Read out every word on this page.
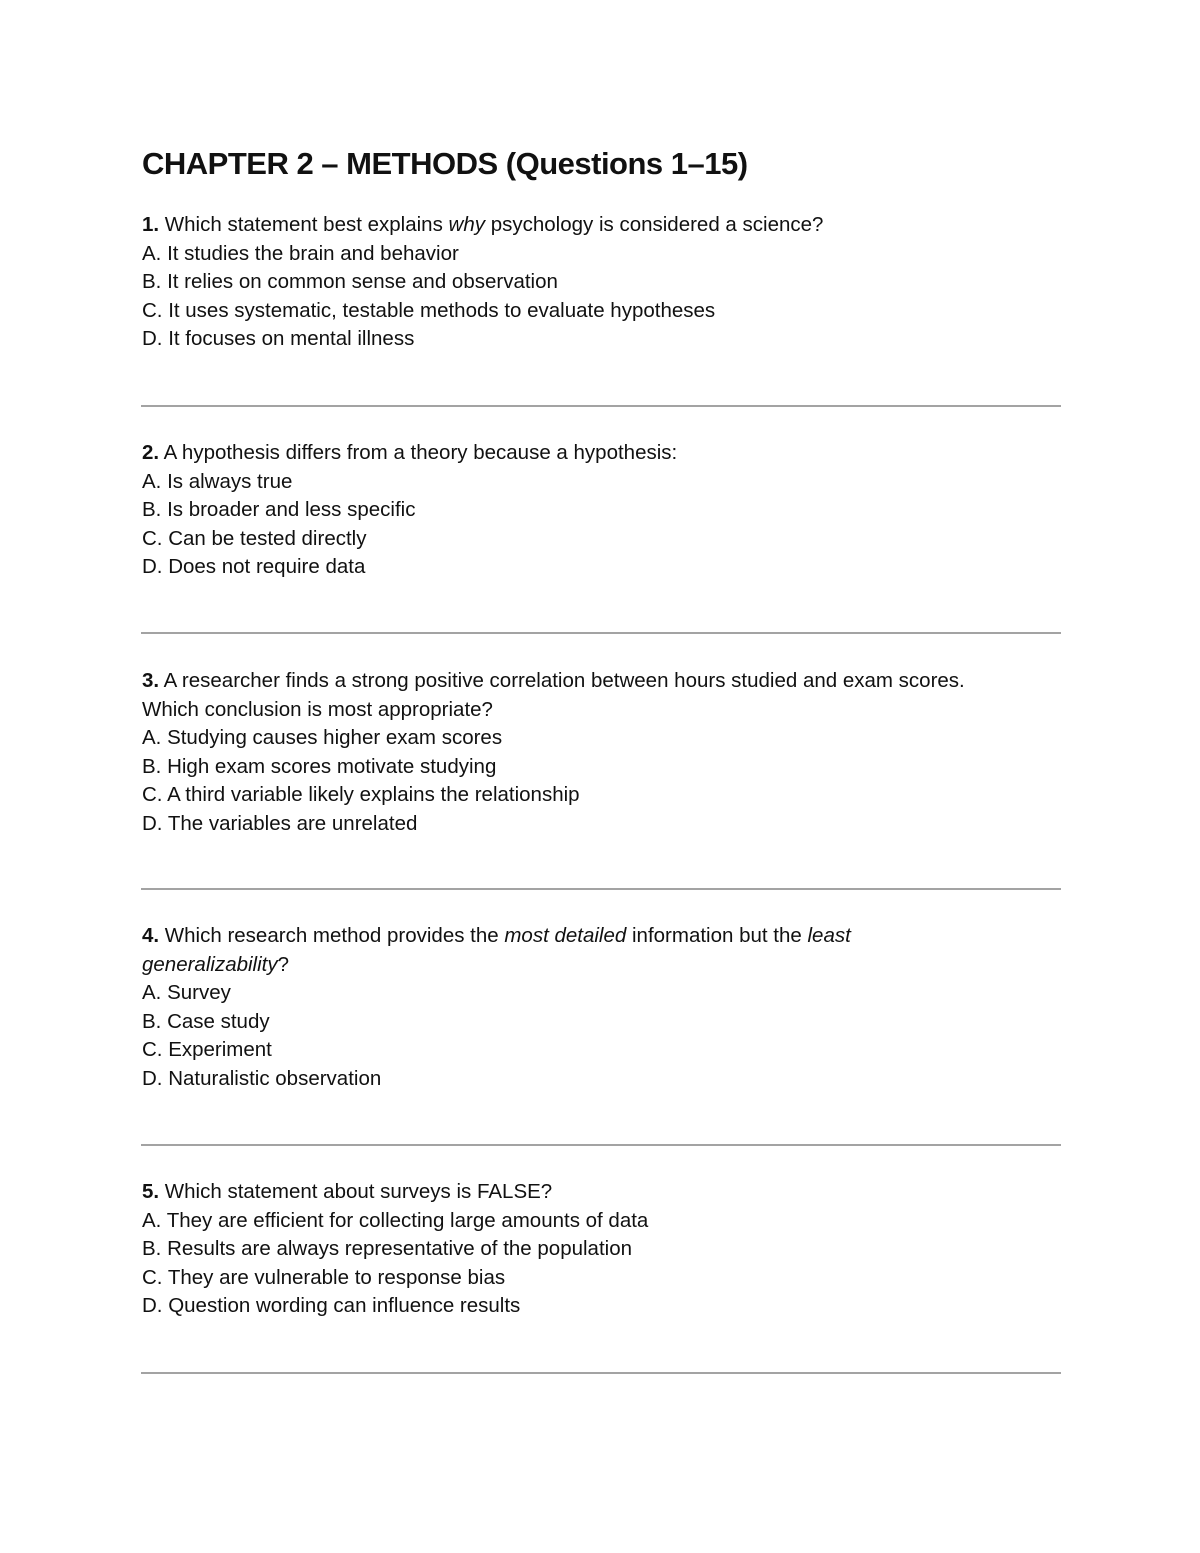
CHAPTER 2 – METHODS (Questions 1–15)
1. Which statement best explains why psychology is considered a science?
A. It studies the brain and behavior
B. It relies on common sense and observation
C. It uses systematic, testable methods to evaluate hypotheses
D. It focuses on mental illness
2. A hypothesis differs from a theory because a hypothesis:
A. Is always true
B. Is broader and less specific
C. Can be tested directly
D. Does not require data
3. A researcher finds a strong positive correlation between hours studied and exam scores.
Which conclusion is most appropriate?
A. Studying causes higher exam scores
B. High exam scores motivate studying
C. A third variable likely explains the relationship
D. The variables are unrelated
4. Which research method provides the most detailed information but the least
generalizability?
A. Survey
B. Case study
C. Experiment
D. Naturalistic observation
5. Which statement about surveys is FALSE?
A. They are efficient for collecting large amounts of data
B. Results are always representative of the population
C. They are vulnerable to response bias
D. Question wording can influence results
